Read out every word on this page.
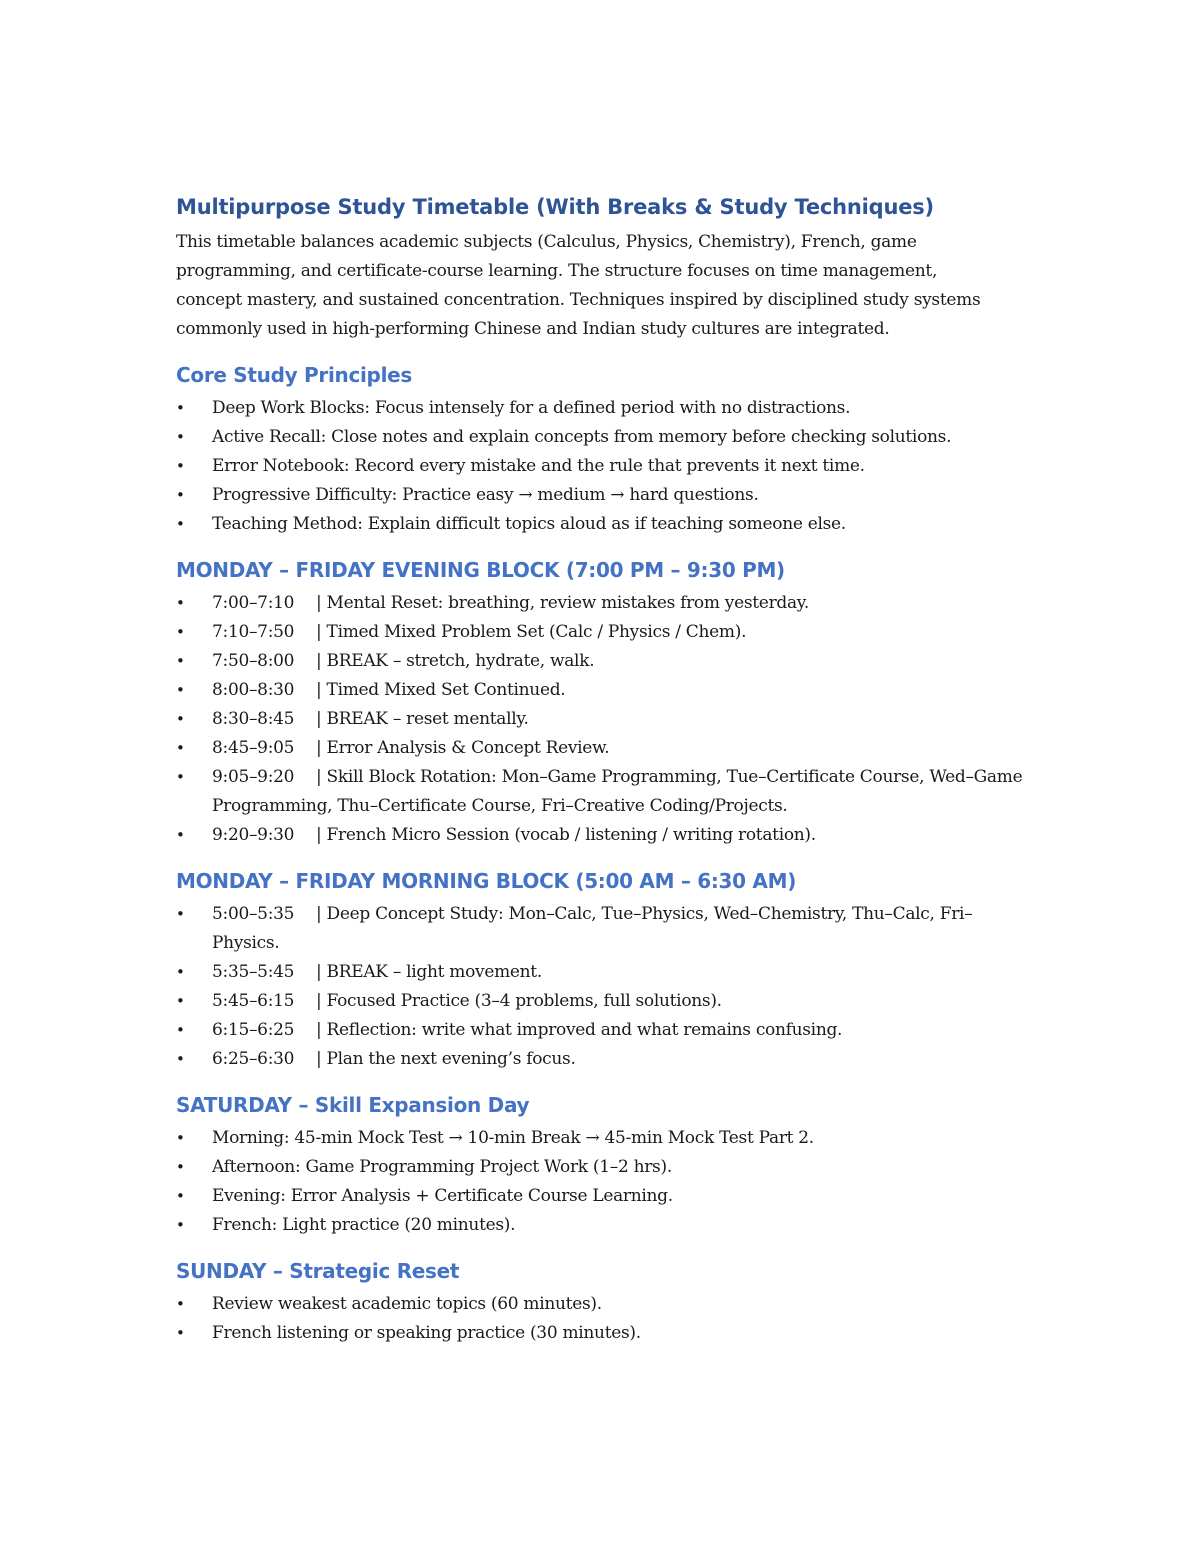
Multipurpose Study Timetable (With Breaks & Study Techniques)

This timetable balances academic subjects (Calculus, Physics, Chemistry), French, game programming, and certificate-course learning. The structure focuses on time management, concept mastery, and sustained concentration. Techniques inspired by disciplined study systems commonly used in high-performing Chinese and Indian study cultures are integrated.

Core Study Principles
• Deep Work Blocks: Focus intensely for a defined period with no distractions.
• Active Recall: Close notes and explain concepts from memory before checking solutions.
• Error Notebook: Record every mistake and the rule that prevents it next time.
• Progressive Difficulty: Practice easy → medium → hard questions.
• Teaching Method: Explain difficult topics aloud as if teaching someone else.
MONDAY – FRIDAY EVENING BLOCK (7:00 PM – 9:30 PM)
• 7:00–7:10 | Mental Reset: breathing, review mistakes from yesterday.
• 7:10–7:50 | Timed Mixed Problem Set (Calc / Physics / Chem).
• 7:50–8:00 | BREAK – stretch, hydrate, walk.
• 8:00–8:30 | Timed Mixed Set Continued.
• 8:30–8:45 | BREAK – reset mentally.
• 8:45–9:05 | Error Analysis & Concept Review.
• 9:05–9:20 | Skill Block Rotation: Mon–Game Programming, Tue–Certificate Course, Wed–Game Programming, Thu–Certificate Course, Fri–Creative Coding/Projects.
• 9:20–9:30 | French Micro Session (vocab / listening / writing rotation).
MONDAY – FRIDAY MORNING BLOCK (5:00 AM – 6:30 AM)
• 5:00–5:35 | Deep Concept Study: Mon–Calc, Tue–Physics, Wed–Chemistry, Thu–Calc, Fri–Physics.
• 5:35–5:45 | BREAK – light movement.
• 5:45–6:15 | Focused Practice (3–4 problems, full solutions).
• 6:15–6:25 | Reflection: write what improved and what remains confusing.
• 6:25–6:30 | Plan the next evening’s focus.
SATURDAY – Skill Expansion Day
• Morning: 45-min Mock Test → 10-min Break → 45-min Mock Test Part 2.
• Afternoon: Game Programming Project Work (1–2 hrs).
• Evening: Error Analysis + Certificate Course Learning.
• French: Light practice (20 minutes).
SUNDAY – Strategic Reset
• Review weakest academic topics (60 minutes).
• French listening or speaking practice (30 minutes).
